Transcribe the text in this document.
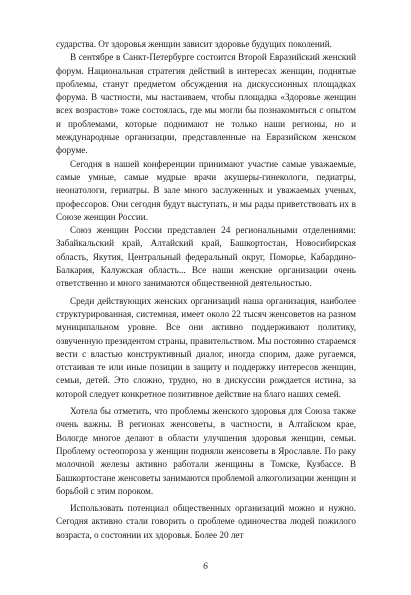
сударства. От здоровья женщин зависит здоровье будущих поколений.

В сентябре в Санкт-Петербурге состоится Второй Евразийский женский форум. Национальная стратегия действий в интересах женщин, поднятые проблемы, станут предметом обсуждения на дискуссионных площадках форума. В частности, мы настаиваем, чтобы площадка «Здоровье женщин всех возрастов» тоже состоялась, где мы могли бы познакомиться с опытом и проблемами, которые поднимают не только наши регионы, но и международные организации, представленные на Евразийском женском форуме.

Сегодня в нашей конференции принимают участие самые уважаемые, самые умные, самые мудрые врачи акушеры-гинекологи, педиатры, неонатологи, гериатры. В зале много заслуженных и уважаемых ученых, профессоров. Они сегодня будут выступать, и мы рады приветствовать их в Союзе женщин России.

Союз женщин России представлен 24 региональными отделениями: Забайкальский край, Алтайский край, Башкортостан, Новосибирская область, Якутия, Центральный федеральный округ, Поморье, Кабардино-Балкария, Калужская область... Все наши женские организации очень ответственно и много занимаются общественной деятельностью.

Среди действующих женских организаций наша организация, наиболее структурированная, системная, имеет около 22 тысяч женсоветов на разном муниципальном уровне. Все они активно поддерживают политику, озвученную президентом страны, правительством. Мы постоянно стараемся вести с властью конструктивный диалог, иногда спорим, даже ругаемся, отстаивая те или иные позиции в защиту и поддержку интересов женщин, семьи, детей. Это сложно, трудно, но в дискуссии рождается истина, за которой следует конкретное позитивное действие на благо наших семей.

Хотела бы отметить, что проблемы женского здоровья для Союза также очень важны. В регионах женсоветы, в частности, в Алтайском крае, Вологде многое делают в области улучшения здоровья женщин, семьи. Проблему остеопороза у женщин подняли женсоветы в Ярославле. По раку молочной железы активно работали женщины в Томске, Кузбассе. В Башкортостане женсоветы занимаются проблемой алкоголизации женщин и борьбой с этим пороком.

Использовать потенциал общественных организаций можно и нужно. Сегодня активно стали говорить о проблеме одиночества людей пожилого возраста, о состоянии их здоровья. Более 20 лет

6
